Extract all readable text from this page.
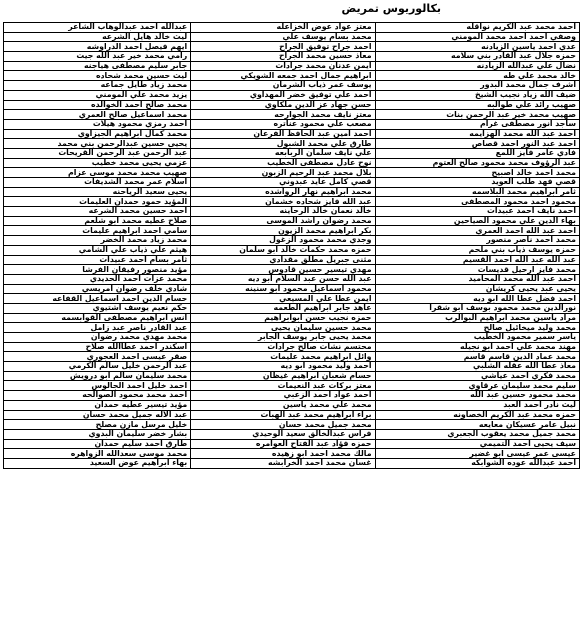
بكالوريوس تمريض
احمد محمد عبد الكريم نواقله	معتز عواد عوض الخزاعله	عبدالله احمد عبدالوهاب الشاعر
وصفي احمد احمد محمد المومني	محمد بسام يوسف علي	ليث خالد هايل الشرعه
عدي احمد ياسين الزيادنه	احمد جراح توفيق الجراح	ايهم فيصل احمد الدراوشه
حمزه جلال عبد القادر بني سلامه	معاذ حسين محمد الجراح	رامي محمد خير عبد الله جيت
نضال علي عبدالله الزيادنه	ايمن عدنان محمد جرادات	جابر سليم مصطفى هياجنه
خالد محمد علي طه	ابراهيم جمال احمد جمعه الشويكي	ليث حسين محمد شحاده
اشرف جمال محمد البدور	يوسف عمر ذياب الشرمان	محمد زياد طايل جماعه
ضيف الله زياد نجيب الشيخ	احمد علي توفيق خضر المهداوي	يزيد محمد علي المومني
صهيب رائد علي طوالبه	حسن جهاد عز الدين ملكاوي	محمد صالح احمد الخوالده
صهيب محمد خير عبد الرحمن بنات	معتز نايف محمد الجوارحه	محمد اسماعيل صالح العمري
ساجد انور مصطفى غرام	مصعب علي محمود عناتره	احمد رمزي محمود هيلات
احمد عبد الله محمد الهزايمه	احمد امين عبد الحافظ الفرعان	محمد كمال ابراهيم الجيزاوي
احمد عبد النور احمد قصاص	طارق علي محمد الشبول	يحيى حسين عبدالرحمن بني محمد
فادي عامر فايز اللمع	علي نايف سلمان الربابعه	عبد الرحمن عبد الرحمن القريحات
عبد الرؤوف محمد محمود صالح العتوم	نوح عادل مصطفى الخطيب	عزمي يحيى محمد خطيب
محمد احمد خالد اصبيح	بلال محمد عبد الرحيم الزبون	صهيب محمد محمد موسى عزام
قصي فهد طلب العويد	قصي كامل عايد عبدوني	اسلام عمر محمد الشديفات
ثامر ابراهيم محمد البلاسمه	محمد ابراهيم نهار الرواشده	يحيى سعيد الرياحنه
محمود احمد محمود المصطفى	عبد الله فايز شحاده خشمان	المؤيد حمود حمدان العليمات
احمد نايف احمد عبيدات	خالد نعمان خالد الرحاينه	احمد حسين محمد الشرعه
بهاء الدين علي محمود الصياحين	محمد رضوان راشد الموسى	صلاح عطيه محمد ابو شلعم
احمد عبد الله احمد العمري	بكر ابراهيم محمد الزيون	سامي احمد ابراهيم عليمات
محمد احمد ناصر منصور	وجدي محمد محمود الزغول	محمد زياد محمد الخضر
حمزه يوسف ذياب بني ملحم	حمزه محمد حكمات خالد ابو سلمان	هيثم علي ذياب علي الشامي
عبد الله عبد الله احمد القسيم	مثنى جبريل مطلق مقدادي	ثامر بسام احمد عبيدات
محمد فايز ارحيل قديسات	مهدي تيسير حسين قادوس	مؤيد منصور رفيقان الفرشا
احمد عبد الله محمد المحاميد	عبد الله حسن عبد السلام ابو ديه	محمد عزات احمد الحديدي
يحيى عبد يحيى كريشان	محمود اسماعيل محمود ابو سنينه	شادي خلف رضوان امريسي
احمد فضل عطا الله ابو ديه	ايمن عطا علي المسيعي	حسام الدين احمد اسماعيل القفاعه
نورالدين محمد محمود بوسف ابو شقرا	عاهد جابر ابراهيم الطعمه	حكم نعيم يوسف اشتيوي
مراد ياسين محمد ابراهيم البوالرب	حمزه نجيب حسن ابوابراهيم	انس ابراهيم مصطفى القوابسمه
محمد وليد ميخائيل صالح	محمد حسين سليمان يحيى	عبد القادر ناصر عبد زامل
ياسر سمير محمود الخطيب	محمد يحيى جابر يوسف الجابر	محمد مهدي محمد رضوان
مهند محمد علي احمد ابو نجيله	محتسم نشات صالح جرادات	اسكندر احمد عطاالله صلاح
محمد عماد الدين قاسم قاسم	وائل ابراهيم محمد عليمات	صقر عيسى احمد العجوري
معاذ عطا الله عقله الشلبي	احمد وليد محمود ابو ديه	عبد الرحمن خليل سالم الكرمي
محمد فكري احمد عياشي	حسام شعبان ابراهيم غيظان	محمد سليمان سالم ابو درويش
سليم محمد سليمان عرقاوي	معتز بركات عبد النعيمات	احمد خليل احمد الجالوس
محمد محمود حسين عبد الله	احمد عواد احمد الزعبي	احمد محمد محمود الصوالحه
ليث نادر احمد العبد	محمد علي محمد ياسين	مؤيد تيسير عطيه حمدان
حمزه محمد عبد الكريم الخصاونه	براء ابراهيم محمد عبد الهبات	عبد الاله جميل محمد حسان
نبيل عامر عسيكان معايعه	محمد جميل محمد حسان	خليل مرسل مازن مصلح
محمد جميل محمد يعقوب الجعبري	فراس عبدالخالق سعيد الوحيدي	بشار خضر سليمان البدوي
سيف يحيى احمد التميمي	حمزه فؤاد عبد الفتاح العوامره	طارق احمد سليم حمدان
عيسى عمر عيسى ابو غضير	مالك محمد احمد ابو زهيده	محمد موسى سعدالله الزواهره
احمد عبدالله عوده الشوابكه	غسان محمد احمد الخرابشه	بهاء ابراهيم عوض السعيد
